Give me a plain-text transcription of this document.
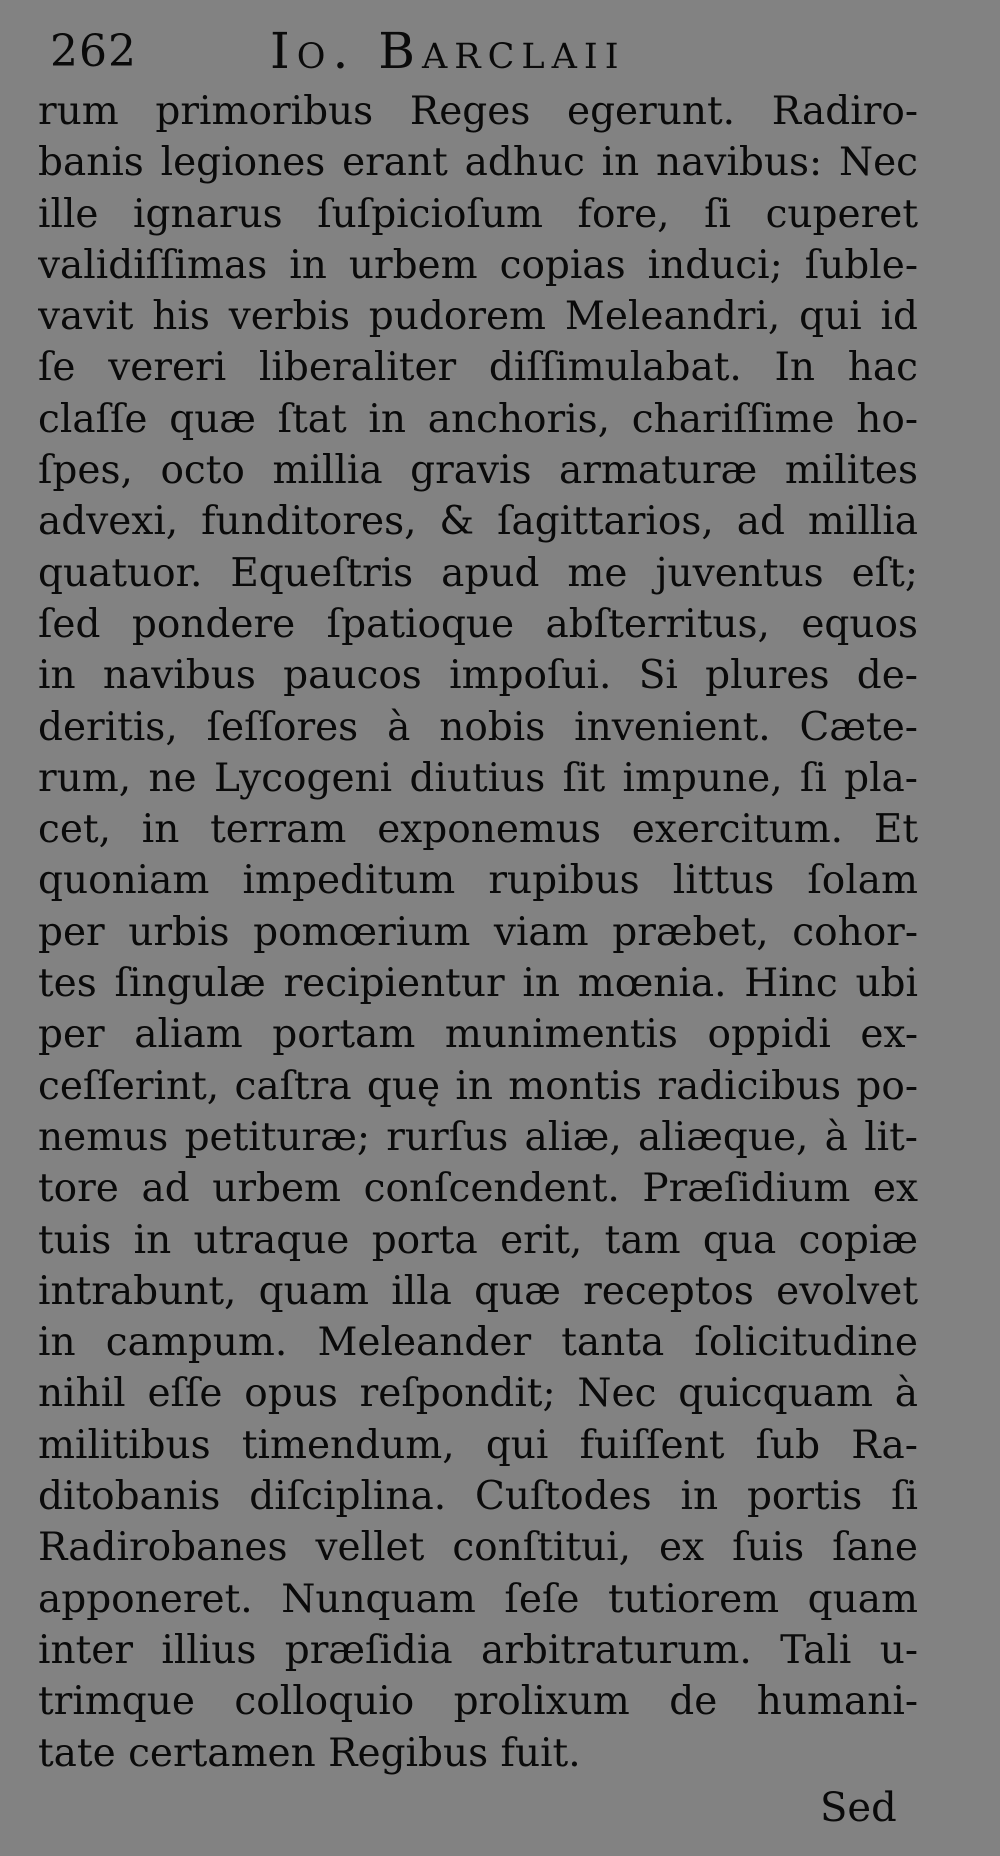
262	Io. Barclaii
rum primoribus Reges egerunt. Radiro-
banis legiones erant adhuc in navibus: Nec
ille ignarus ſuſpicioſum fore, ſi cuperet
validiſſimas in urbem copias induci; ſuble-
vavit his verbis pudorem Meleandri, qui id
ſe vereri liberaliter diſſimulabat. In hac
claſſe quæ ſtat in anchoris, chariſſime ho-
ſpes, octo millia gravis armaturæ milites
advexi, funditores, & ſagittarios, ad millia
quatuor. Equeſtris apud me juventus eſt;
ſed pondere ſpatioque abſterritus, equos
in navibus paucos impoſui. Si plures de-
deritis, ſeſſores à nobis invenient. Cæte-
rum, ne Lycogeni diutius ſit impune, ſi pla-
cet, in terram exponemus exercitum. Et
quoniam impeditum rupibus littus ſolam
per urbis pomœrium viam præbet, cohor-
tes ſingulæ recipientur in mœnia. Hinc ubi
per aliam portam munimentis oppidi ex-
ceſſerint, caſtra quę in montis radicibus po-
nemus petituræ; rurſus aliæ, aliæque, à lit-
tore ad urbem conſcendent. Præſidium ex
tuis in utraque porta erit, tam qua copiæ
intrabunt, quam illa quæ receptos evolvet
in campum. Meleander tanta ſolicitudine
nihil eſſe opus reſpondit; Nec quicquam à
militibus timendum, qui fuiſſent ſub Ra-
ditobanis diſciplina. Cuſtodes in portis ſi
Radirobanes vellet conſtitui, ex ſuis ſane
apponeret. Nunquam ſeſe tutiorem quam
inter illius præſidia arbitraturum. Tali u-
trimque colloquio prolixum de humani-
tate certamen Regibus fuit.
Sed
